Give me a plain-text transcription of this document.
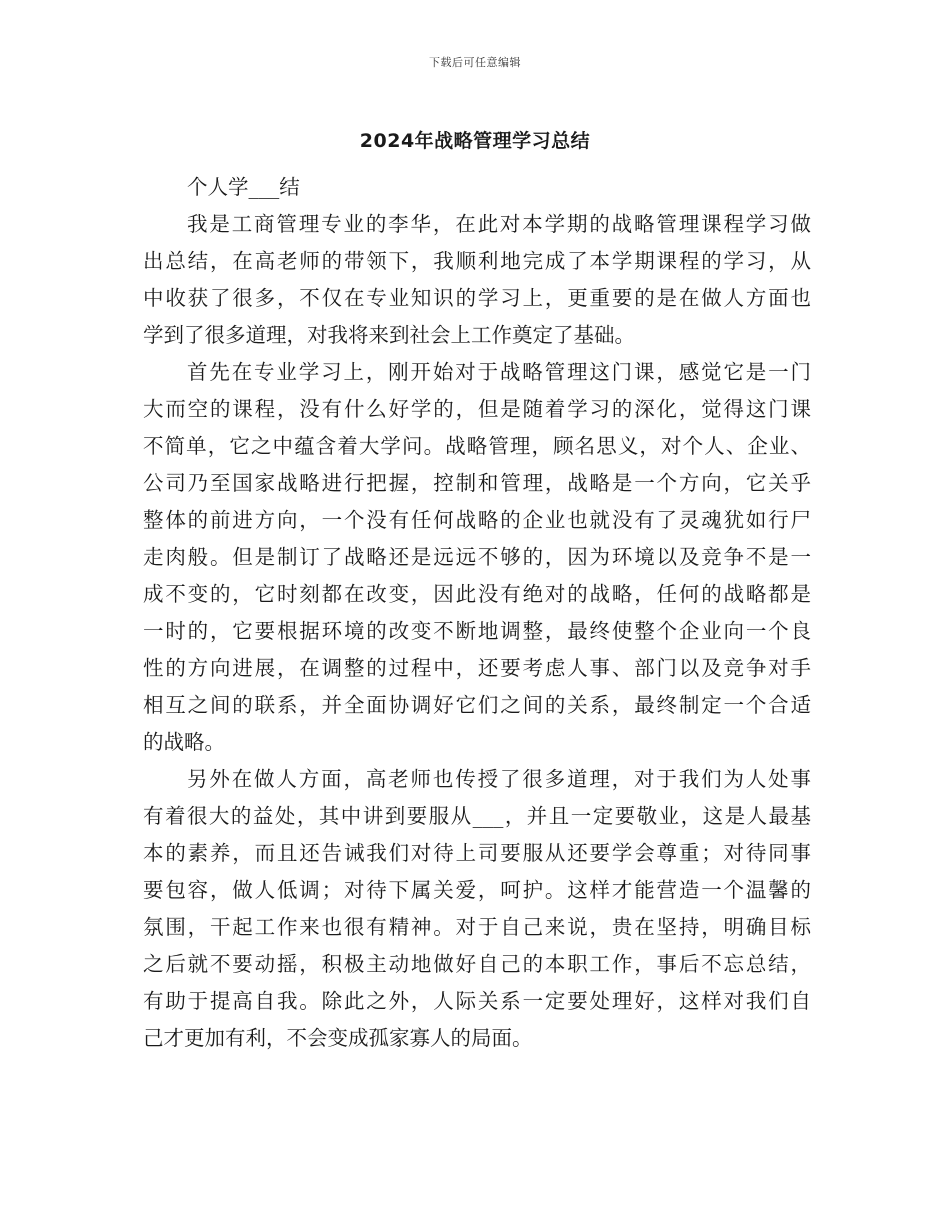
下载后可任意编辑
2024年战略管理学习总结
个人学___结
我是工商管理专业的李华，在此对本学期的战略管理课程学习做
出总结，在高老师的带领下，我顺利地完成了本学期课程的学习，从
中收获了很多，不仅在专业知识的学习上，更重要的是在做人方面也
学到了很多道理，对我将来到社会上工作奠定了基础。
首先在专业学习上，刚开始对于战略管理这门课，感觉它是一门
大而空的课程，没有什么好学的，但是随着学习的深化，觉得这门课
不简单，它之中蕴含着大学问。战略管理，顾名思义，对个人、企业、
公司乃至国家战略进行把握，控制和管理，战略是一个方向，它关乎
整体的前进方向，一个没有任何战略的企业也就没有了灵魂犹如行尸
走肉般。但是制订了战略还是远远不够的，因为环境以及竞争不是一
成不变的，它时刻都在改变，因此没有绝对的战略，任何的战略都是
一时的，它要根据环境的改变不断地调整，最终使整个企业向一个良
性的方向进展，在调整的过程中，还要考虑人事、部门以及竞争对手
相互之间的联系，并全面协调好它们之间的关系，最终制定一个合适
的战略。
另外在做人方面，高老师也传授了很多道理，对于我们为人处事
有着很大的益处，其中讲到要服从___，并且一定要敬业，这是人最基
本的素养，而且还告诫我们对待上司要服从还要学会尊重；对待同事
要包容，做人低调；对待下属关爱，呵护。这样才能营造一个温馨的
氛围，干起工作来也很有精神。对于自己来说，贵在坚持，明确目标
之后就不要动摇，积极主动地做好自己的本职工作，事后不忘总结，
有助于提高自我。除此之外，人际关系一定要处理好，这样对我们自
己才更加有利，不会变成孤家寡人的局面。
